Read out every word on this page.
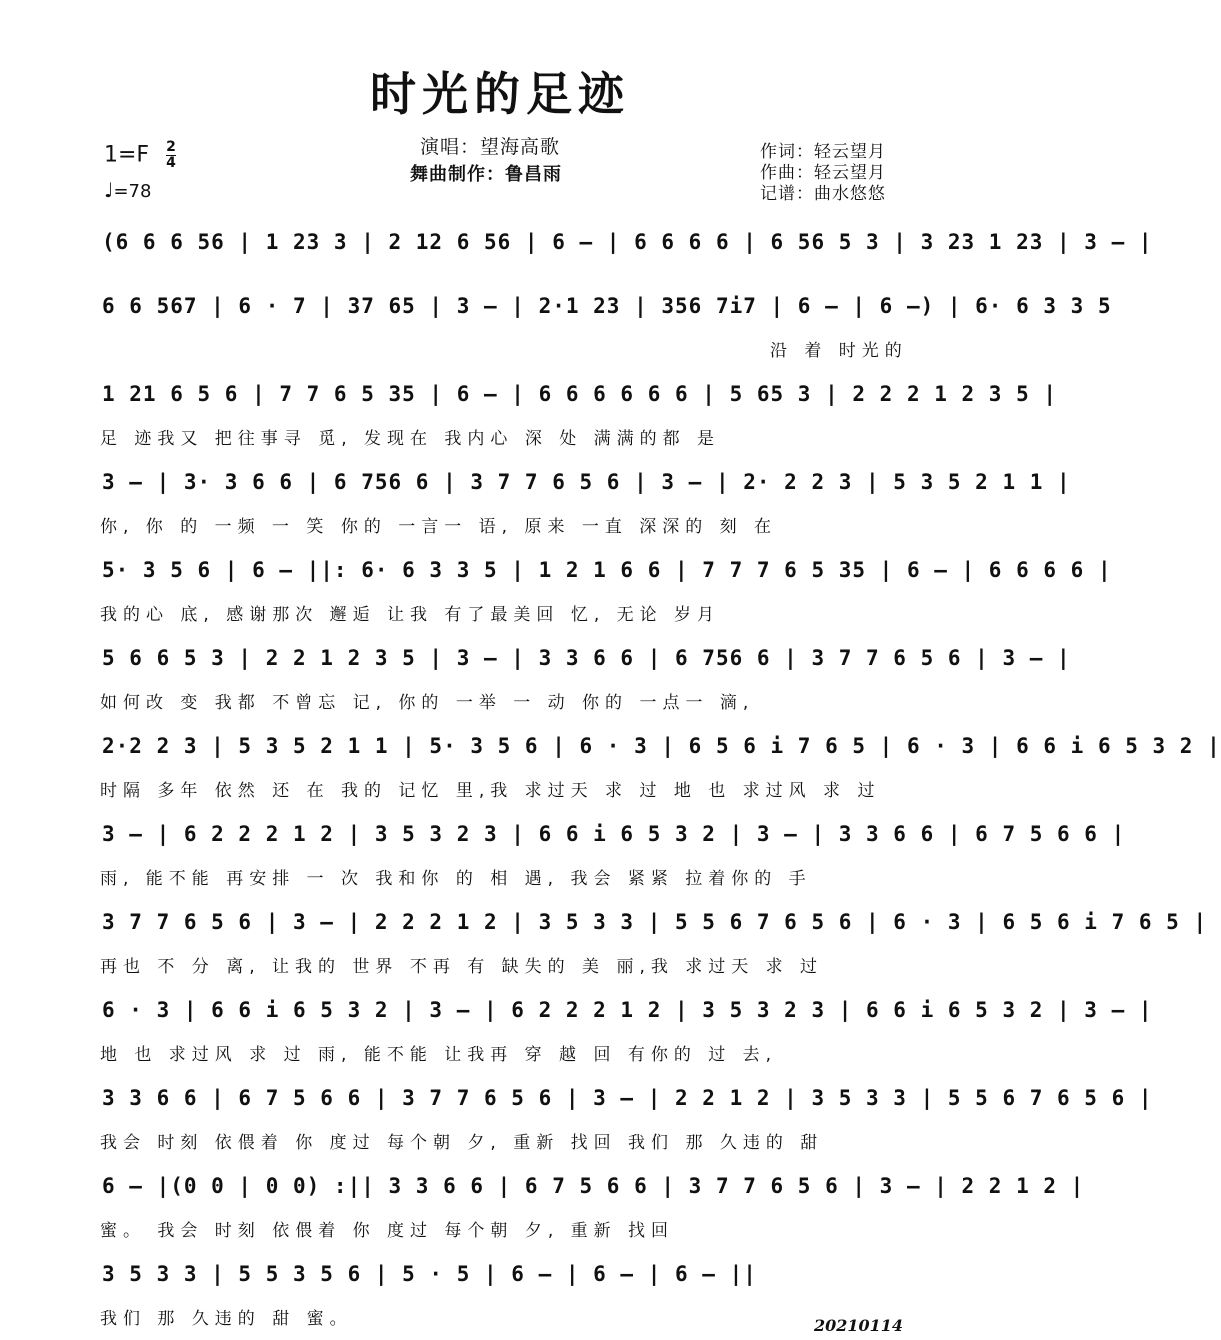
时光的足迹
$1=F \frac{2}{4}$
♩=78
演唱：望海高歌
舞曲制作：鲁昌雨
作词：轻云望月
作曲：轻云望月
记谱：曲水悠悠
(6 6 6 56 | 1 23 3 | 2 12 6 56 | 6 – | 6 6 6 6 | 6 56 5 3 | 3 23 1 23 | 3 – |
6 6 567 | 6 · 7 | 37 65 | 3 – | 2·1 23 | 356 7i7 | 6 – | 6 –) | 6· 6 3 3 5
沿 着 时光的
1 21 6 5 6 | 7 7 6 5 35 | 6 – | 6 6 6 6 6 6 | 5 65 3 | 2 2 2 1 2 3 5 |
足 迹我又 把往事寻 觅, 发现在 我内心 深 处 满满的都 是
3 – | 3· 3 6 6 | 6 756 6 | 3 7 7 6 5 6 | 3 – | 2· 2 2 3 | 5 3 5 2 1 1 |
你, 你 的 一频 一 笑 你的 一言一 语, 原来 一直 深深的 刻 在
5· 3 5 6 | 6 – ||: 6· 6 3 3 5 | 1 2 1 6 6 | 7 7 7 6 5 35 | 6 – | 6 6 6 6 |
我的心 底, 感谢那次 邂逅 让我 有了最美回 忆, 无论 岁月
5 6 6 5 3 | 2 2 1 2 3 5 | 3 – | 3 3 6 6 | 6 756 6 | 3 7 7 6 5 6 | 3 – |
如何改 变 我都 不曾忘 记, 你的 一举 一 动 你的 一点一 滴,
2·2 2 3 | 5 3 5 2 1 1 | 5· 3 5 6 | 6 · 3 | 6 5 6 i 7 6 5 | 6 · 3 | 6 6 i 6 5 3 2 |
时隔 多年 依然 还 在 我的 记忆 里,我 求过天 求 过 地 也 求过风 求 过
3 – | 6 2 2 2 1 2 | 3 5 3 2 3 | 6 6 i 6 5 3 2 | 3 – | 3 3 6 6 | 6 7 5 6 6 |
雨, 能不能 再安排 一 次 我和你 的 相 遇, 我会 紧紧 拉着你的 手
3 7 7 6 5 6 | 3 – | 2 2 2 1 2 | 3 5 3 3 | 5 5 6 7 6 5 6 | 6 · 3 | 6 5 6 i 7 6 5 |
再也 不 分 离, 让我的 世界 不再 有 缺失的 美 丽,我 求过天 求 过
6 · 3 | 6 6 i 6 5 3 2 | 3 – | 6 2 2 2 1 2 | 3 5 3 2 3 | 6 6 i 6 5 3 2 | 3 – |
地 也 求过风 求 过 雨, 能不能 让我再 穿 越 回 有你的 过 去,
3 3 6 6 | 6 7 5 6 6 | 3 7 7 6 5 6 | 3 – | 2 2 1 2 | 3 5 3 3 | 5 5 6 7 6 5 6 |
我会 时刻 依偎着 你 度过 每个朝 夕, 重新 找回 我们 那 久违的 甜
6 – |(0 0 | 0 0) :|| 3 3 6 6 | 6 7 5 6 6 | 3 7 7 6 5 6 | 3 – | 2 2 1 2 |
蜜。 我会 时刻 依偎着 你 度过 每个朝 夕, 重新 找回
3 5 3 3 | 5 5 3 5 6 | 5 · 5 | 6 – | 6 – | 6 – ||
我们 那 久违的 甜 蜜。	20210114
